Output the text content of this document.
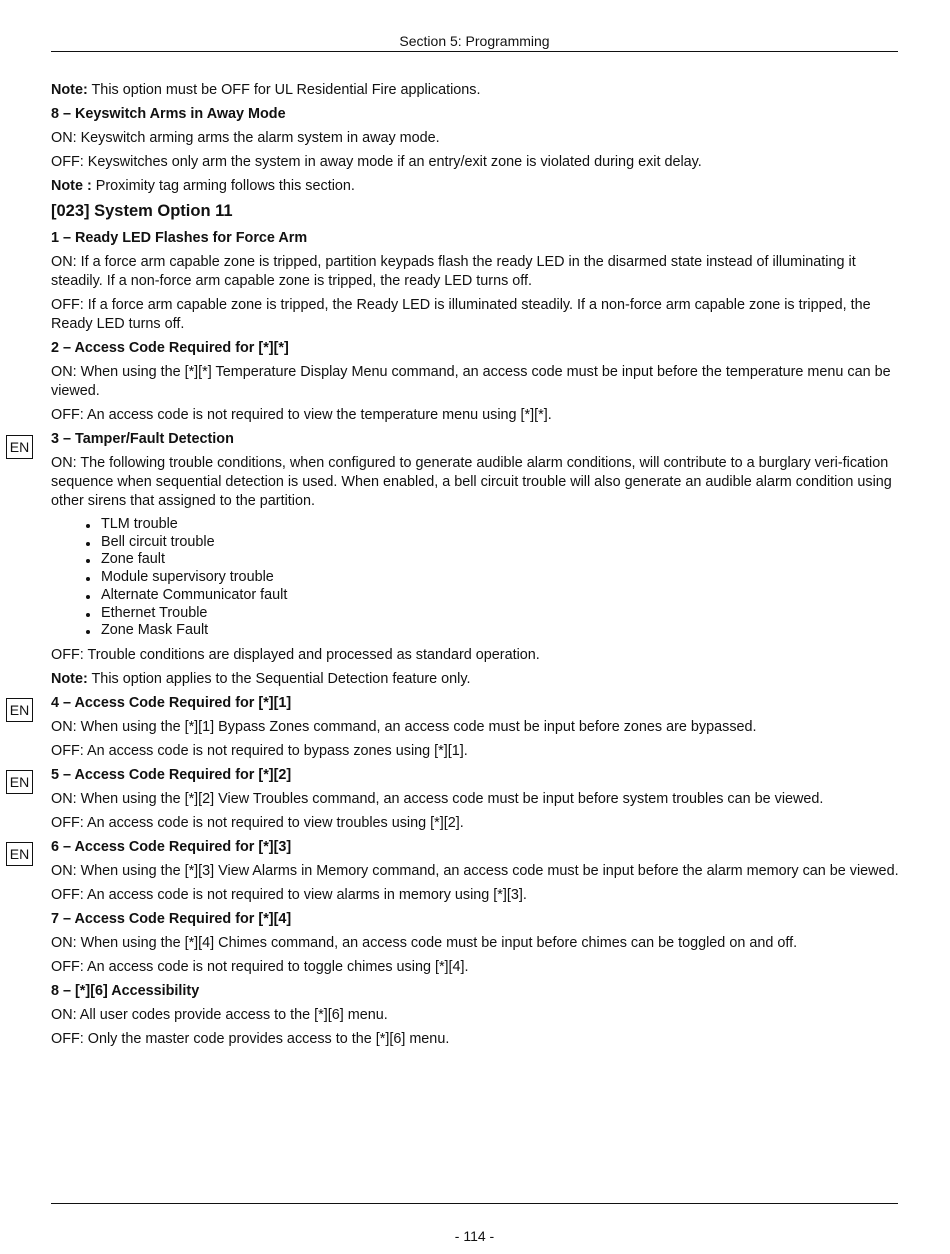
Section 5: Programming
EN
EN
EN
EN

Note: This option must be OFF for UL Residential Fire applications.

8 – Keyswitch Arms in Away Mode

ON: Keyswitch arming arms the alarm system in away mode.

OFF: Keyswitches only arm the system in away mode if an entry/exit zone is violated during exit delay.

Note : Proximity tag arming follows this section.

[023] System Option 11
1 – Ready LED Flashes for Force Arm

ON: If a force arm capable zone is tripped, partition keypads flash the ready LED in the disarmed state instead of illuminating it steadily. If a non-force arm capable zone is tripped, the ready LED turns off.

OFF: If a force arm capable zone is tripped, the Ready LED is illuminated steadily. If a non-force arm capable zone is tripped, the Ready LED turns off.

2 – Access Code Required for [*][*]

ON: When using the [*][*] Temperature Display Menu command, an access code must be input before the temperature menu can be viewed.

OFF: An access code is not required to view the temperature menu using [*][*].

3 – Tamper/Fault Detection

ON: The following trouble conditions, when configured to generate audible alarm conditions, will contribute to a burglary veri-fication sequence when sequential detection is used. When enabled, a bell circuit trouble will also generate an audible alarm condition using other sirens that assigned to the partition.

TLM trouble
Bell circuit trouble
Zone fault
Module supervisory trouble
Alternate Communicator fault
Ethernet Trouble
Zone Mask Fault

OFF: Trouble conditions are displayed and processed as standard operation.

Note: This option applies to the Sequential Detection feature only.

4 – Access Code Required for [*][1]

ON: When using the [*][1] Bypass Zones command, an access code must be input before zones are bypassed.

OFF: An access code is not required to bypass zones using [*][1].

5 – Access Code Required for [*][2]

ON: When using the [*][2] View Troubles command, an access code must be input before system troubles can be viewed.

OFF: An access code is not required to view troubles using [*][2].

6 – Access Code Required for [*][3]

ON: When using the [*][3] View Alarms in Memory command, an access code must be input before the alarm memory can be viewed.

OFF: An access code is not required to view alarms in memory using [*][3].

7 – Access Code Required for [*][4]

ON: When using the [*][4] Chimes command, an access code must be input before chimes can be toggled on and off.

OFF: An access code is not required to toggle chimes using [*][4].

8 – [*][6] Accessibility

ON: All user codes provide access to the [*][6] menu.

OFF: Only the master code provides access to the [*][6] menu.

- 114 -
